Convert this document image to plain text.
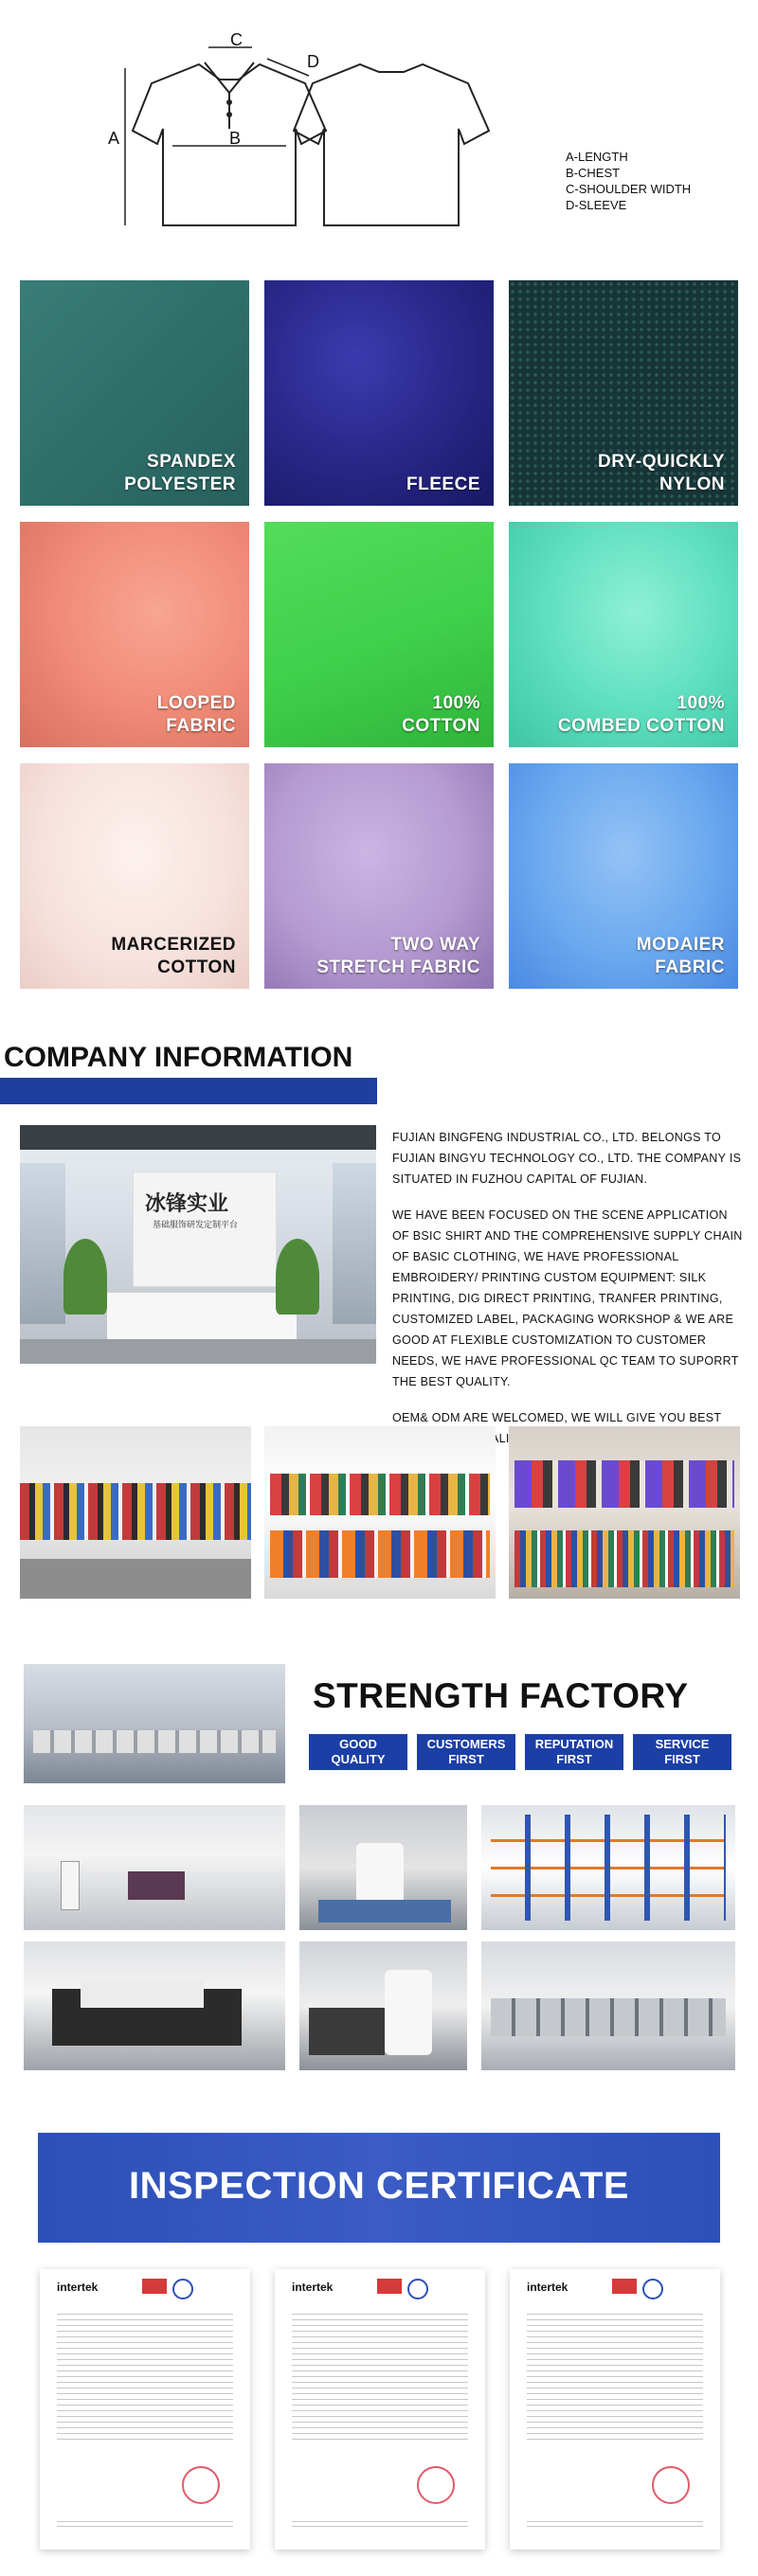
C
D
A	B
A-LENGTH
B-CHEST
C-SHOULDER WIDTH
D-SLEEVE
SPANDEX
POLYESTER	FLEECE
DRY-QUICKLY
NYLON
LOOPED
FABRIC
100%
COTTON
100%
COMBED COTTON
MARCERIZED
COTTON
TWO WAY
STRETCH FABRIC
MODAIER
FABRIC
COMPANY INFORMATION
冰锋实业
基础服饰研发定制平台

FUJIAN BINGFENG INDUSTRIAL CO., LTD. BELONGS TO FUJIAN BINGYU TECHNOLOGY CO., LTD. THE COMPANY IS SITUATED IN FUZHOU CAPITAL OF FUJIAN.

WE HAVE BEEN FOCUSED ON THE SCENE APPLICATION OF BSIC SHIRT AND THE COMPREHENSIVE SUPPLY CHAIN OF BASIC CLOTHING, WE HAVE PROFESSIONAL EMBROIDERY/ PRINTING CUSTOM EQUIPMENT: SILK PRINTING, DIG DIRECT PRINTING, TRANFER PRINTING, CUSTOMIZED LABEL, PACKAGING WORKSHOP & WE ARE GOOD AT FLEXIBLE CUSTOMIZATION TO CUSTOMER NEEDS, WE HAVE PROFESSIONAL QC TEAM TO SUPORRT THE BEST QUALITY.

OEM& ODM ARE WELCOMED, WE WILL GIVE YOU BEST QUALITY

STRENGTH FACTORY
GOOD
QUALITY
CUSTOMERS
FIRST
REPUTATION
FIRST
SERVICE
FIRST
INSPECTION CERTIFICATE
intertek	intertek	intertek
